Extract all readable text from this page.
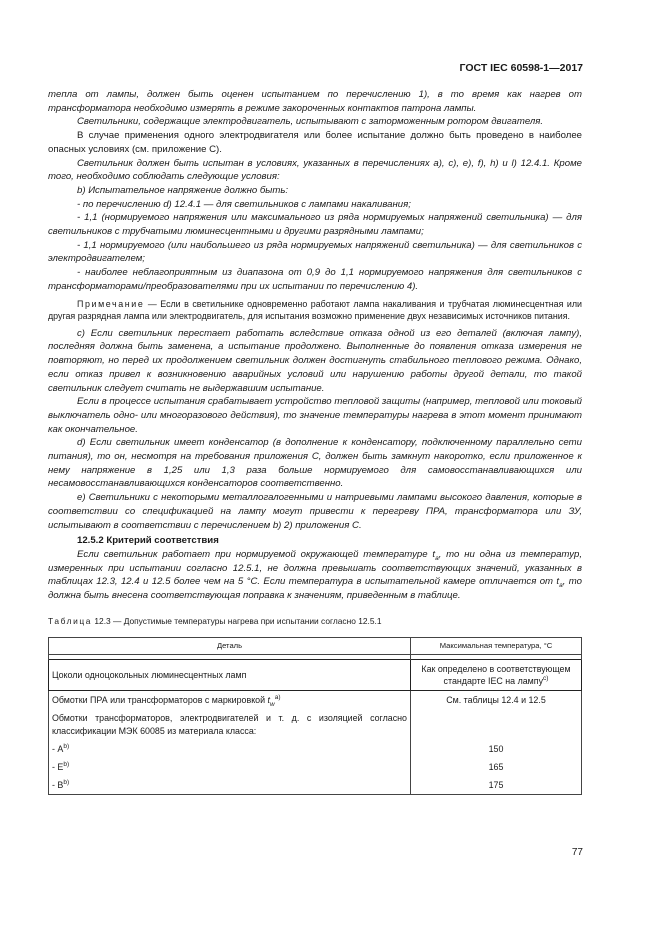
ГОСТ IEC 60598-1—2017

тепла от лампы, должен быть оценен испытанием по перечислению 1), в то время как нагрев от трансформатора необходимо измерять в режиме закороченных контактов патрона лампы.

Светильники, содержащие электродвигатель, испытывают с заторможенным ротором двигателя.

В случае применения одного электродвигателя или более испытание должно быть проведено в наиболее опасных условиях (см. приложение С).

Светильник должен быть испытан в условиях, указанных в перечислениях а), с), е), f), h) и l) 12.4.1. Кроме того, необходимо соблюдать следующие условия:

b) Испытательное напряжение должно быть:

- по перечислению d) 12.4.1 — для светильников с лампами накаливания;

- 1,1 (нормируемого напряжения или максимального из ряда нормируемых напряжений светильника) — для светильников с трубчатыми люминесцентными и другими разрядными лампами;

- 1,1 нормируемого (или наибольшего из ряда нормируемых напряжений светильника) — для светильников с электродвигателем;

- наиболее неблагоприятным из диапазона от 0,9 до 1,1 нормируемого напряжения для светильников с трансформаторами/преобразователями при их испытании по перечислению 4).

Примечание — Если в светильнике одновременно работают лампа накаливания и трубчатая люминесцентная или другая разрядная лампа или электродвигатель, для испытания возможно применение двух независимых источников питания.

c) Если светильник перестает работать вследствие отказа одной из его деталей (включая лампу), последняя должна быть заменена, а испытание продолжено. Выполненные до появления отказа измерения не повторяют, но перед их продолжением светильник должен достигнуть стабильного теплового режима. Однако, если отказ привел к возникновению аварийных условий или нарушению работы другой детали, то такой светильник следует считать не выдержавшим испытание.

Если в процессе испытания срабатывает устройство тепловой защиты (например, тепловой или токовый выключатель одно- или многоразового действия), то значение температуры нагрева в этот момент принимают как окончательное.

d) Если светильник имеет конденсатор (в дополнение к конденсатору, подключенному параллельно сети питания), то он, несмотря на требования приложения С, должен быть замкнут накоротко, если приложенное к нему напряжение в 1,25 или 1,3 раза больше нормируемого для самовосстанавливающихся или несамовосстанавливающихся конденсаторов соответственно.

e) Светильники с некоторыми металлогалогенными и натриевыми лампами высокого давления, которые в соответствии со спецификацией на лампу могут привести к перегреву ПРА, трансформатора или ЗУ, испытывают в соответствии с перечислением b) 2) приложения С.

12.5.2 Критерий соответствия

Если светильник работает при нормируемой окружающей температуре $t_а$, то ни одна из температур, измеренных при испытании согласно 12.5.1, не должна превышать соответствующих значений, указанных в таблицах 12.3, 12.4 и 12.5 более чем на 5 °С. Если температура в испытательной камере отличается от $t_а$, то должна быть внесена соответствующая поправка к значениям, приведенным в таблице.

Таблица 12.3 — Допустимые температуры нагрева при испытании согласно 12.5.1

Деталь	Максимальная температура, °С

Цоколи одноцокольных люминесцентных ламп	Как определено в соответствующем стандарте IEC на лампу$^{c)}$
Обмотки ПРА или трансформаторов с маркировкой $t_w^{a)}$	См. таблицы 12.4 и 12.5
Обмотки трансформаторов, электродвигателей и т. д. с изоляцией согласно классификации МЭК 60085 из материала класса:	
- $А^{b)}$	150
- $Е^{b)}$	165
- $В^{b)}$	175
77
